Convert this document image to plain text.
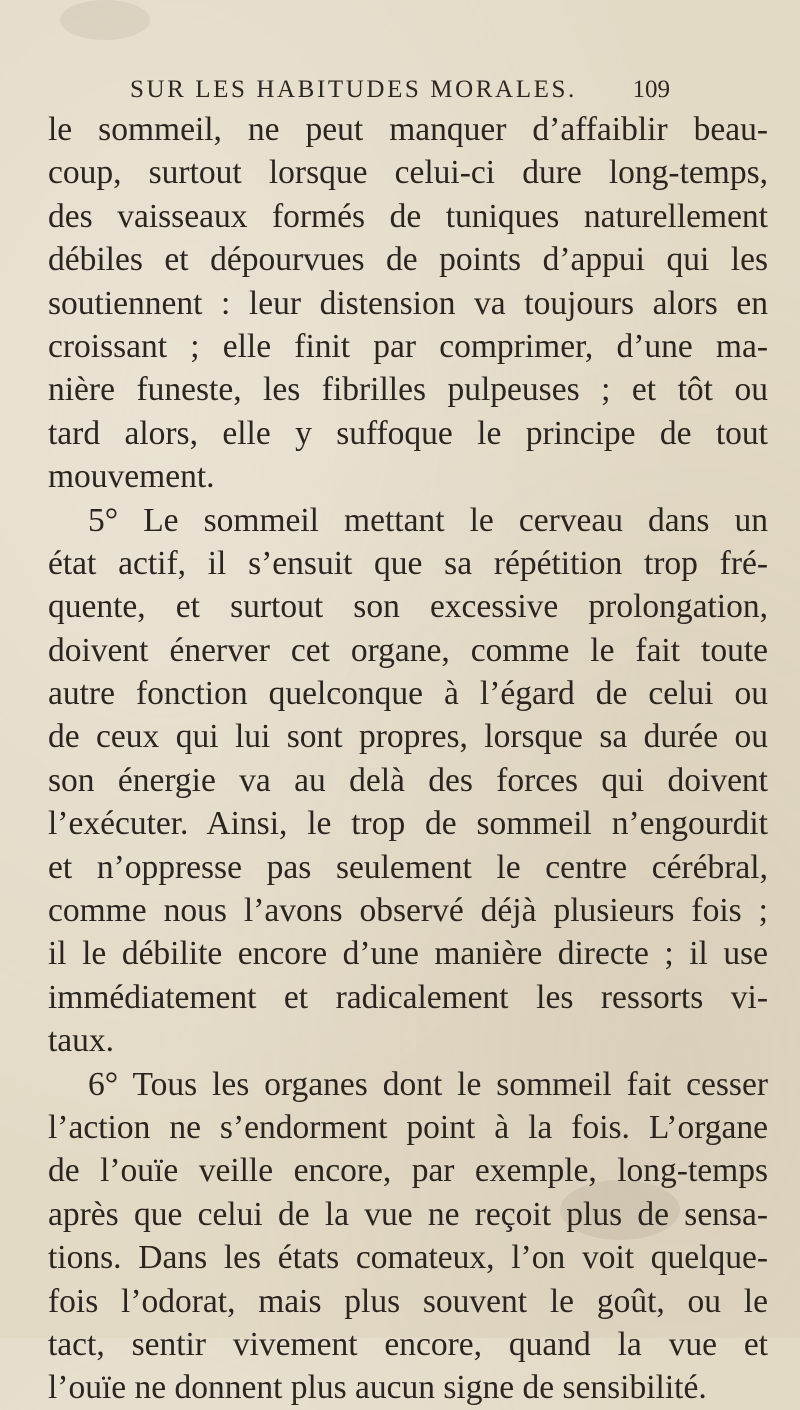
SUR LES HABITUDES MORALES. 109
le sommeil, ne peut manquer d’affaiblir beau-
coup, surtout lorsque celui-ci dure long-temps,
des vaisseaux formés de tuniques naturellement
débiles et dépourvues de points d’appui qui les
soutiennent : leur distension va toujours alors en
croissant ; elle finit par comprimer, d’une ma-
nière funeste, les fibrilles pulpeuses ; et tôt ou
tard alors, elle y suffoque le principe de tout
mouvement.
5° Le sommeil mettant le cerveau dans un
état actif, il s’ensuit que sa répétition trop fré-
quente, et surtout son excessive prolongation,
doivent énerver cet organe, comme le fait toute
autre fonction quelconque à l’égard de celui ou
de ceux qui lui sont propres, lorsque sa durée ou
son énergie va au delà des forces qui doivent
l’exécuter. Ainsi, le trop de sommeil n’engourdit
et n’oppresse pas seulement le centre cérébral,
comme nous l’avons observé déjà plusieurs fois ;
il le débilite encore d’une manière directe ; il use
immédiatement et radicalement les ressorts vi-
taux.
6° Tous les organes dont le sommeil fait cesser
l’action ne s’endorment point à la fois. L’organe
de l’ouïe veille encore, par exemple, long-temps
après que celui de la vue ne reçoit plus de sensa-
tions. Dans les états comateux, l’on voit quelque-
fois l’odorat, mais plus souvent le goût, ou le
tact, sentir vivement encore, quand la vue et
l’ouïe ne donnent plus aucun signe de sensibilité.
